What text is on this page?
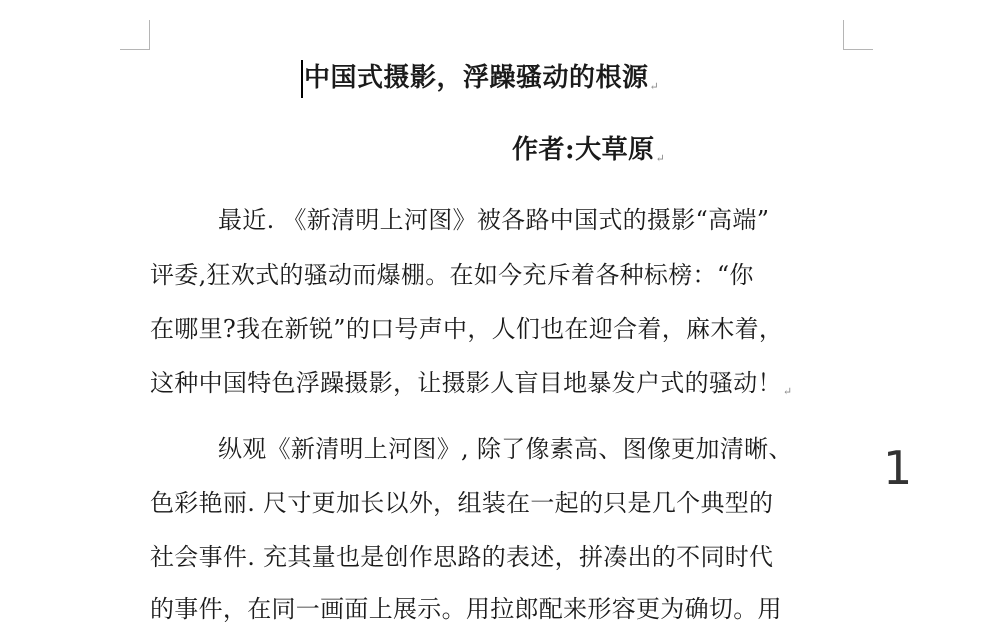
中国式摄影，浮躁骚动的根源↵
作者:大草原↵
最近. 《新清明上河图》被各路中国式的摄影“高端”
评委,狂欢式的骚动而爆棚。在如今充斥着各种标榜：“你
在哪里?我在新锐”的口号声中，人们也在迎合着，麻木着，
这种中国特色浮躁摄影，让摄影人盲目地暴发户式的骚动！↵
纵观《新清明上河图》, 除了像素高、图像更加清晰、
色彩艳丽. 尺寸更加长以外，组装在一起的只是几个典型的
社会事件. 充其量也是创作思路的表述，拼凑出的不同时代
的事件，在同一画面上展示。用拉郎配来形容更为确切。用
1
